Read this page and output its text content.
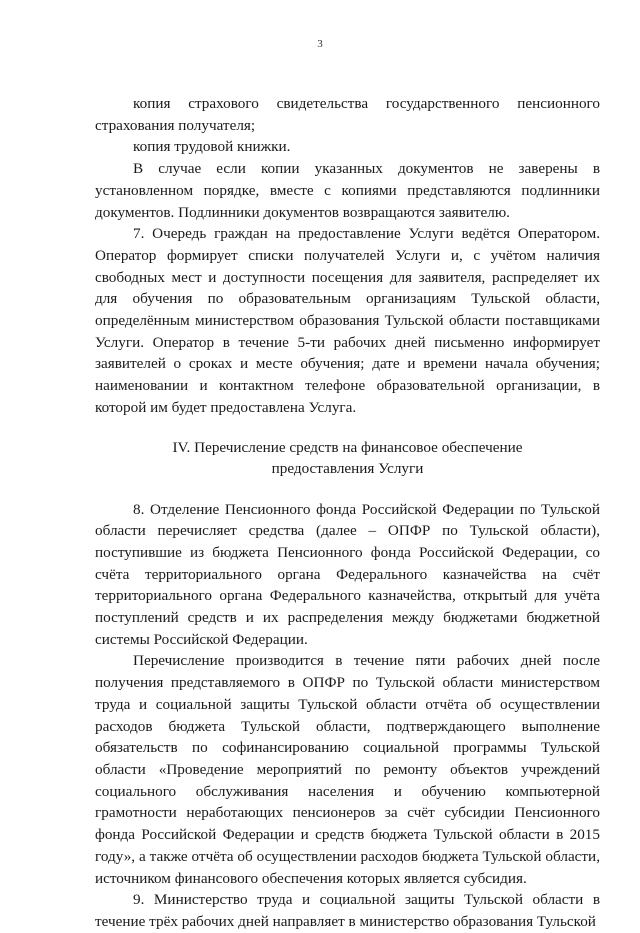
3

копия страхового свидетельства государственного пенсионного страхования получателя;

копия трудовой книжки.

В случае если копии указанных документов не заверены в установленном порядке, вместе с копиями представляются подлинники документов. Подлинники документов возвращаются заявителю.

7. Очередь граждан на предоставление Услуги ведётся Оператором. Оператор формирует списки получателей Услуги и, с учётом наличия свободных мест и доступности посещения для заявителя, распределяет их для обучения по образовательным организациям Тульской области, определённым министерством образования Тульской области поставщиками Услуги. Оператор в течение 5-ти рабочих дней письменно информирует заявителей о сроках и месте обучения; дате и времени начала обучения; наименовании и контактном телефоне образовательной организации, в которой им будет предоставлена Услуга.

IV. Перечисление средств на финансовое обеспечение

предоставления Услуги

8. Отделение Пенсионного фонда Российской Федерации по Тульской области перечисляет средства (далее – ОПФР по Тульской области), поступившие из бюджета Пенсионного фонда Российской Федерации, со счёта территориального органа Федерального казначейства на счёт территориального органа Федерального казначейства, открытый для учёта поступлений средств и их распределения между бюджетами бюджетной системы Российской Федерации.

Перечисление производится в течение пяти рабочих дней после получения представляемого в ОПФР по Тульской области министерством труда и социальной защиты Тульской области отчёта об осуществлении расходов бюджета Тульской области, подтверждающего выполнение обязательств по софинансированию социальной программы Тульской области «Проведение мероприятий по ремонту объектов учреждений социального обслуживания населения и обучению компьютерной грамотности неработающих пенсионеров за счёт субсидии Пенсионного фонда Российской Федерации и средств бюджета Тульской области в 2015 году», а также отчёта об осуществлении расходов бюджета Тульской области, источником финансового обеспечения которых является субсидия.

9. Министерство труда и социальной защиты Тульской области в течение трёх рабочих дней направляет в министерство образования Тульской
